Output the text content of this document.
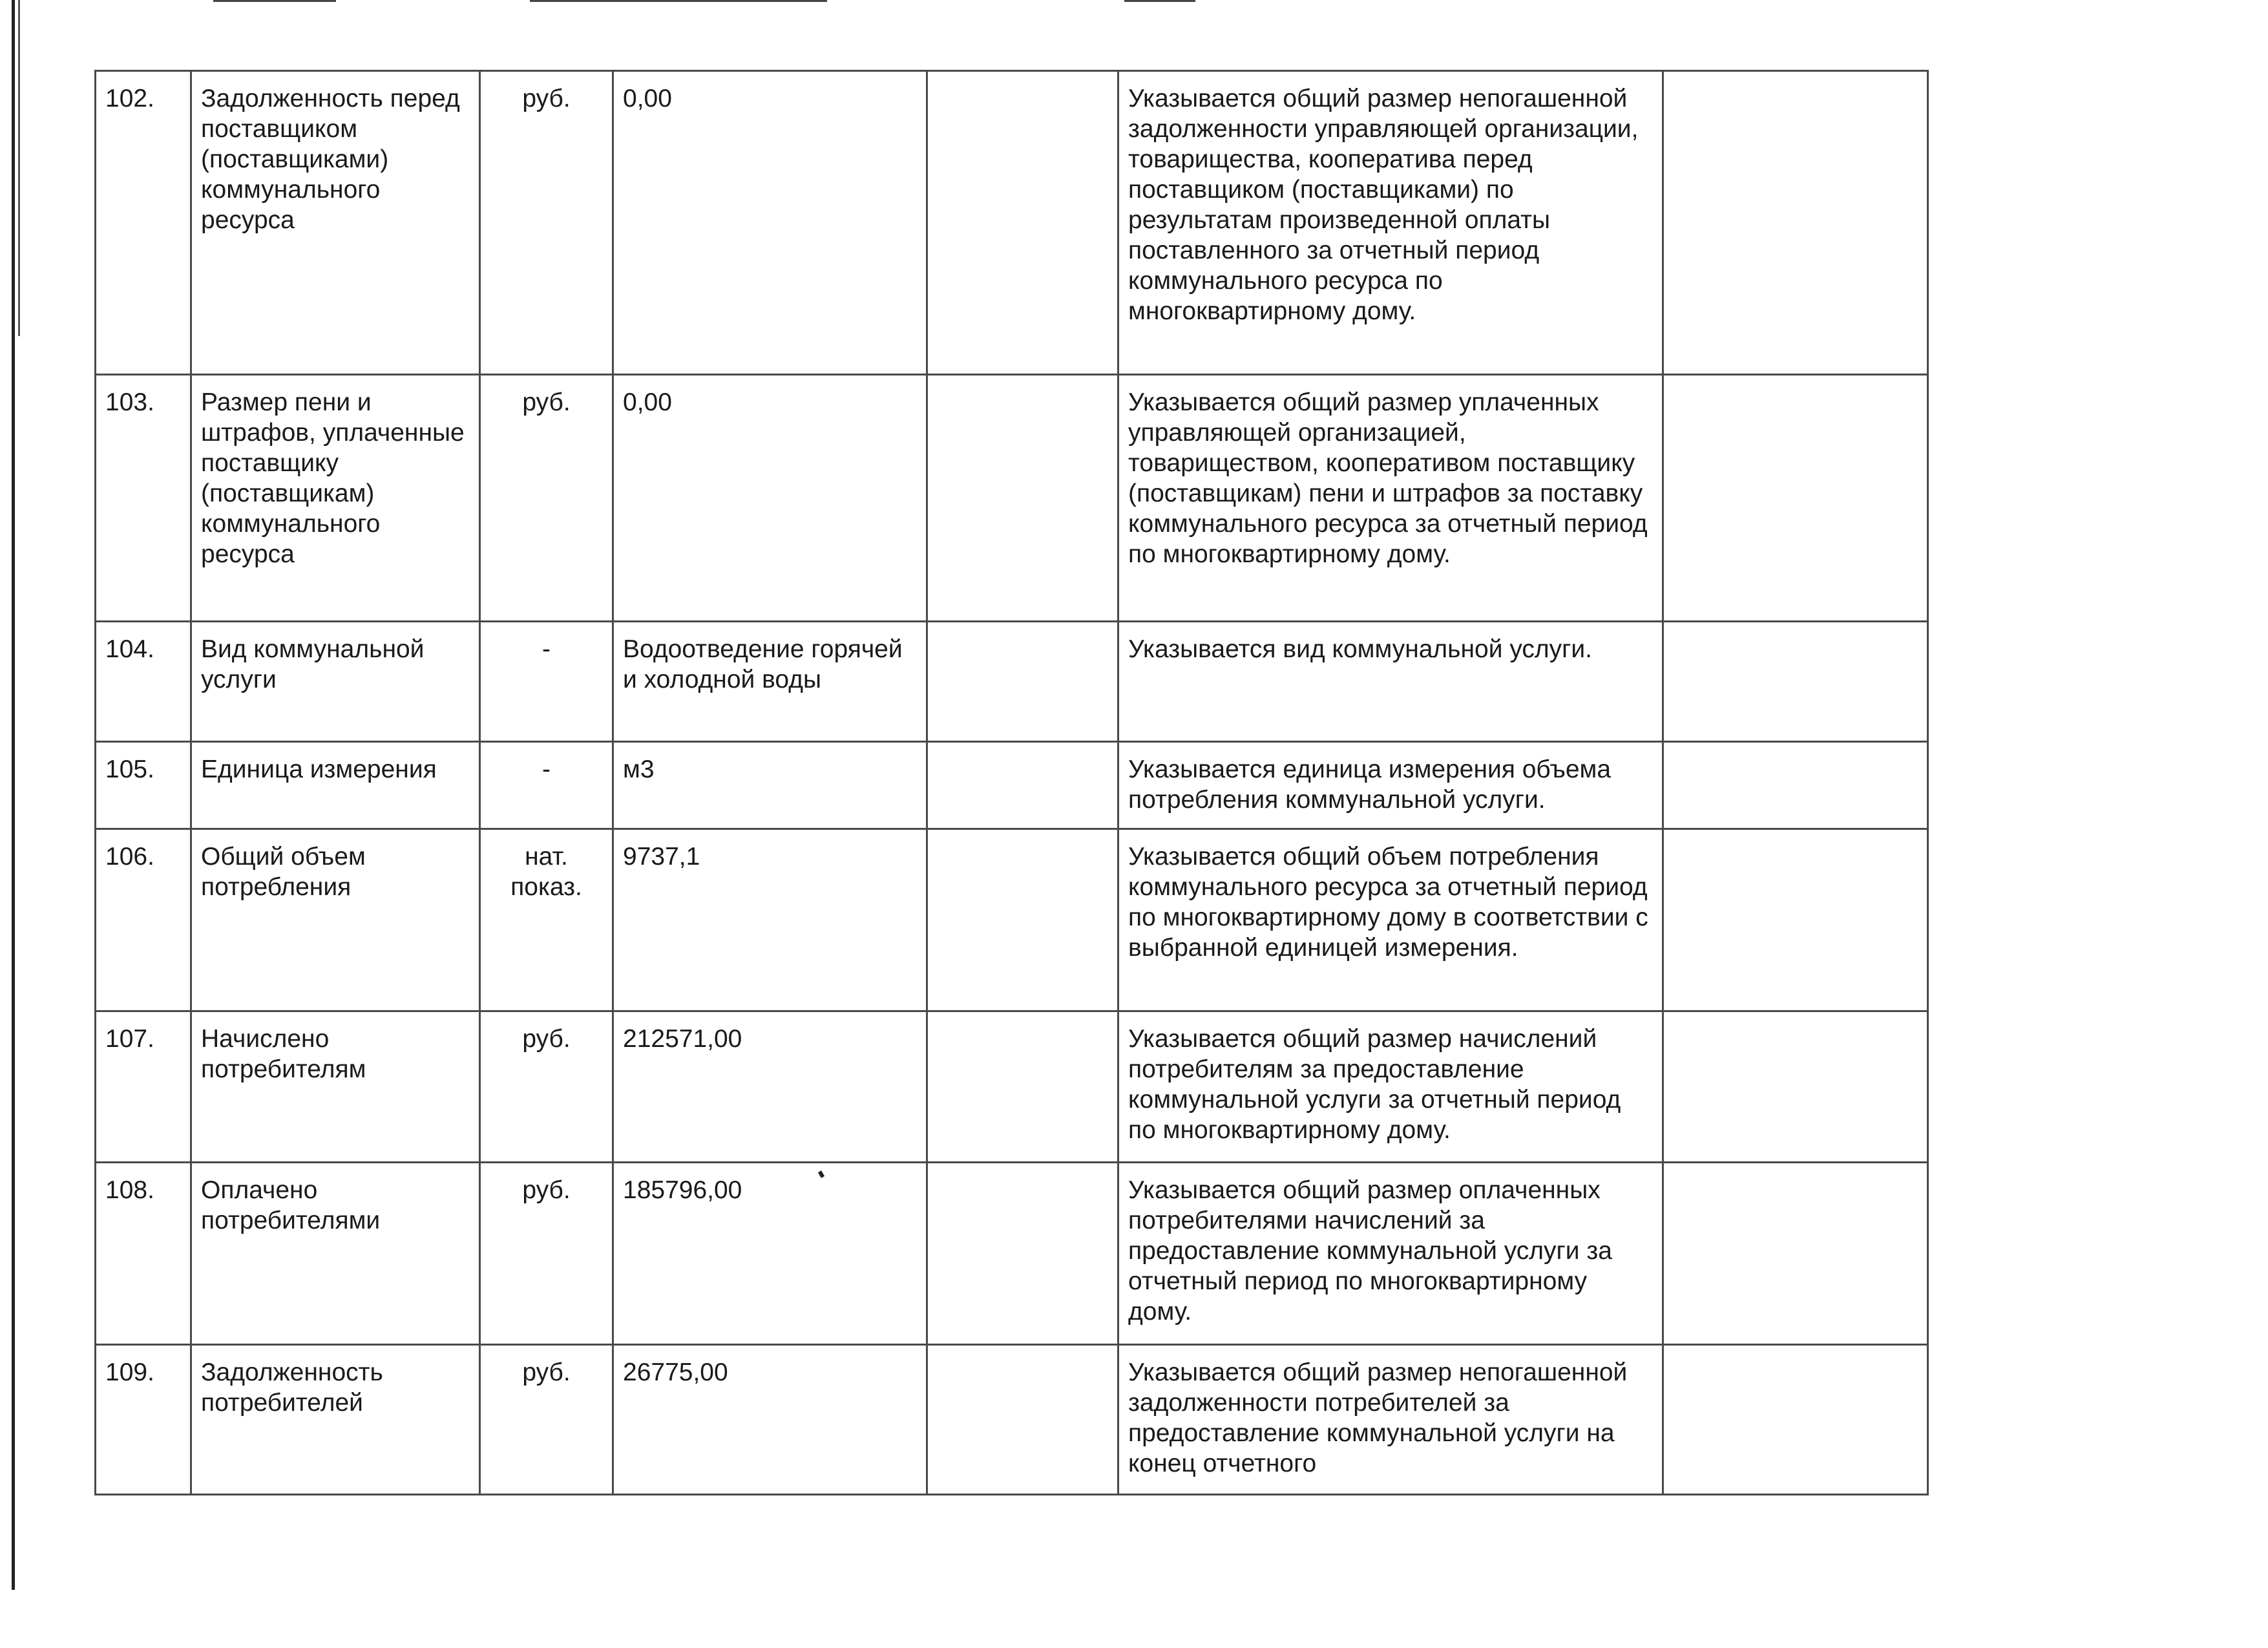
102.	Задолженность перед поставщиком (поставщиками) коммунального ресурса	руб.	0,00		Указывается общий размер непогашенной задолженности управляющей организации, товарищества, кооператива перед поставщиком (поставщиками) по результатам произведенной оплаты поставленного за отчетный период коммунального ресурса по многоквартирному дому.	
103.	Размер пени и штрафов, уплаченные поставщику (поставщикам) коммунального ресурса	руб.	0,00		Указывается общий размер уплаченных управляющей организацией, товариществом, кооперативом поставщику (поставщикам) пени и штрафов за поставку коммунального ресурса за отчетный период по многоквартирному дому.	
104.	Вид коммунальной услуги	-	Водоотведение горячей и холодной воды		Указывается вид коммунальной услуги.	
105.	Единица измерения	-	м3		Указывается единица измерения объема потребления коммунальной услуги.	
106.	Общий объем потребления	нат. показ.	9737,1		Указывается общий объем потребления коммунального ресурса за отчетный период по многоквартирному дому в соответствии с выбранной единицей измерения.	
107.	Начислено потребителям	руб.	212571,00		Указывается общий размер начислений потребителям за предоставление коммунальной услуги за отчетный период по многоквартирному дому.	
108.	Оплачено потребителями	руб.	185796,00		Указывается общий размер оплаченных потребителями начислений за предоставление коммунальной услуги за отчетный период по многоквартирному дому.	
109.	Задолженность потребителей	руб.	26775,00		Указывается общий размер непогашенной задолженности потребителей за предоставление коммунальной услуги на конец отчетного	
